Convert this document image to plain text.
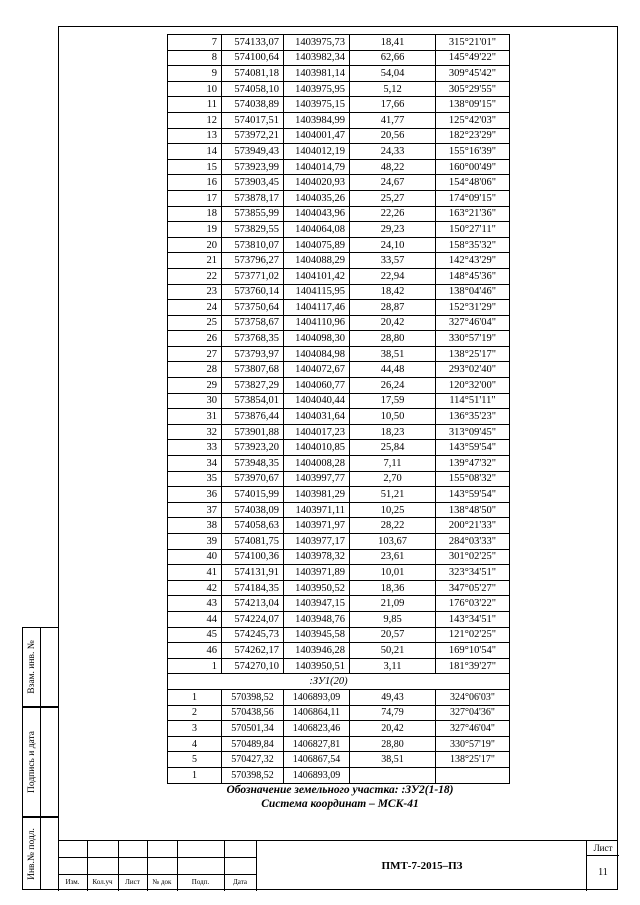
7	574133,07	1403975,73	18,41	315°21'01"
8	574100,64	1403982,34	62,66	145°49'22"
9	574081,18	1403981,14	54,04	309°45'42"
10	574058,10	1403975,95	5,12	305°29'55"
11	574038,89	1403975,15	17,66	138°09'15"
12	574017,51	1403984,99	41,77	125°42'03"
13	573972,21	1404001,47	20,56	182°23'29"
14	573949,43	1404012,19	24,33	155°16'39"
15	573923,99	1404014,79	48,22	160°00'49"
16	573903,45	1404020,93	24,67	154°48'06"
17	573878,17	1404035,26	25,27	174°09'15"
18	573855,99	1404043,96	22,26	163°21'36"
19	573829,55	1404064,08	29,23	150°27'11"
20	573810,07	1404075,89	24,10	158°35'32"
21	573796,27	1404088,29	33,57	142°43'29"
22	573771,02	1404101,42	22,94	148°45'36"
23	573760,14	1404115,95	18,42	138°04'46"
24	573750,64	1404117,46	28,87	152°31'29"
25	573758,67	1404110,96	20,42	327°46'04"
26	573768,35	1404098,30	28,80	330°57'19"
27	573793,97	1404084,98	38,51	138°25'17"
28	573807,68	1404072,67	44,48	293°02'40"
29	573827,29	1404060,77	26,24	120°32'00"
30	573854,01	1404040,44	17,59	114°51'11"
31	573876,44	1404031,64	10,50	136°35'23"
32	573901,88	1404017,23	18,23	313°09'45"
33	573923,20	1404010,85	25,84	143°59'54"
34	573948,35	1404008,28	7,11	139°47'32"
35	573970,67	1403997,77	2,70	155°08'32"
36	574015,99	1403981,29	51,21	143°59'54"
37	574038,09	1403971,11	10,25	138°48'50"
38	574058,63	1403971,97	28,22	200°21'33"
39	574081,75	1403977,17	103,67	284°03'33"
40	574100,36	1403978,32	23,61	301°02'25"
41	574131,91	1403971,89	10,01	323°34'51"
42	574184,35	1403950,52	18,36	347°05'27"
43	574213,04	1403947,15	21,09	176°03'22"
44	574224,07	1403948,76	9,85	143°34'51"
45	574245,73	1403945,58	20,57	121°02'25"
46	574262,17	1403946,28	50,21	169°10'54"
1	574270,10	1403950,51	3,11	181°39'27"
	:ЗУ1(20)			
1	570398,52	1406893,09	49,43	324°06'03"
2	570438,56	1406864,11	74,79	327°04'36"
3	570501,34	1406823,46	20,42	327°46'04"
4	570489,84	1406827,81	28,80	330°57'19"
5	570427,32	1406867,54	38,51	138°25'17"
1	570398,52	1406893,09		
Обозначение земельного участка: :ЗУ2(1-18)
Система координат – МСК-41
Взам. инв. №
Подпись и дата
Инв.№ подл.
Изм.	Кол.уч	Лист	№ док	Подп.	Дата
ПМТ-7-2015–ПЗ
Лист
11
